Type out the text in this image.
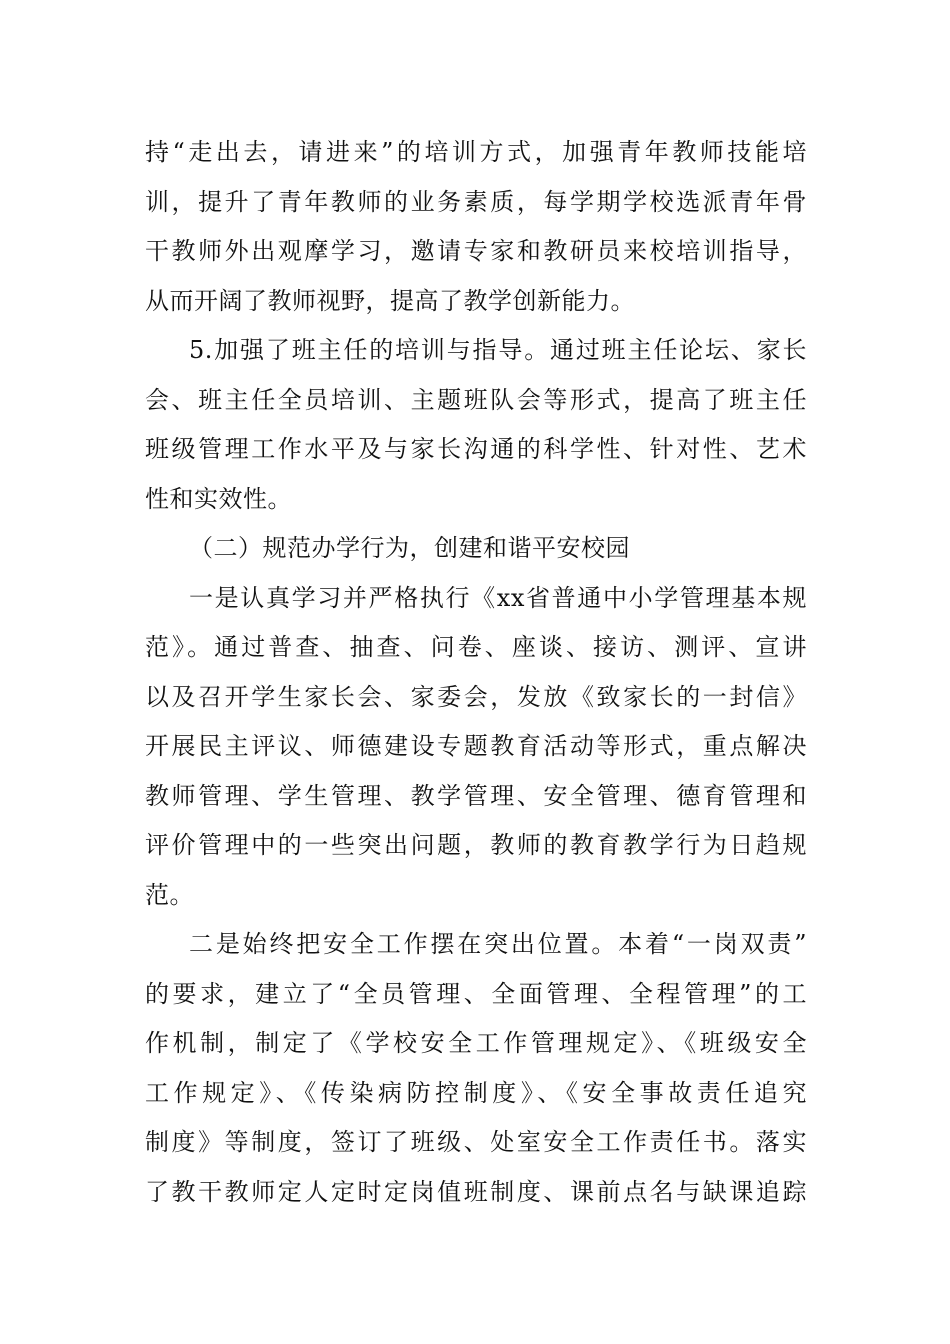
持“走出去，请进来”的培训方式，加强青年教师技能培
训，提升了青年教师的业务素质，每学期学校选派青年骨
干教师外出观摩学习，邀请专家和教研员来校培训指导，
从而开阔了教师视野，提高了教学创新能力。
5.加强了班主任的培训与指导。通过班主任论坛、家长
会、班主任全员培训、主题班队会等形式，提高了班主任
班级管理工作水平及与家长沟通的科学性、针对性、艺术
性和实效性。
（二）规范办学行为，创建和谐平安校园
一是认真学习并严格执行《xx省普通中小学管理基本规
范》。通过普查、抽查、问卷、座谈、接访、测评、宣讲
以及召开学生家长会、家委会，发放《致家长的一封信》
开展民主评议、师德建设专题教育活动等形式，重点解决
教师管理、学生管理、教学管理、安全管理、德育管理和
评价管理中的一些突出问题，教师的教育教学行为日趋规
范。
二是始终把安全工作摆在突出位置。本着“一岗双责”
的要求，建立了“全员管理、全面管理、全程管理”的工
作机制，制定了《学校安全工作管理规定》、《班级安全
工作规定》、《传染病防控制度》、《安全事故责任追究
制度》等制度，签订了班级、处室安全工作责任书。落实
了教干教师定人定时定岗值班制度、课前点名与缺课追踪
